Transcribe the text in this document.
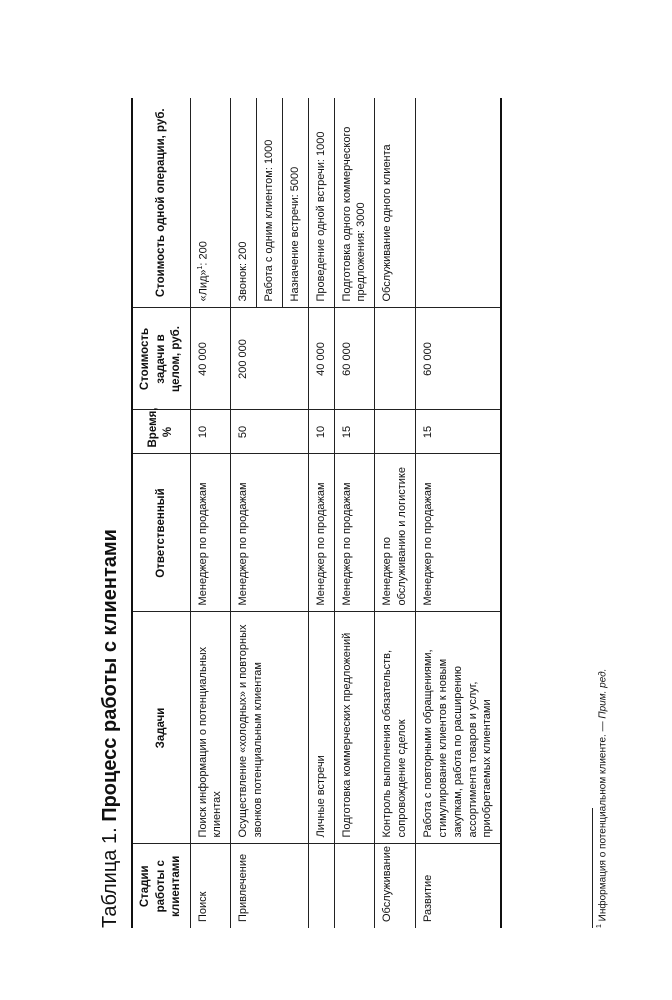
Таблица 1. Процесс работы с клиентами
Стадии работы с клиентами	Задачи	Ответственный	Время, %	Стоимость задачи в целом, руб.	Стоимость одной операции, руб.
Поиск	Поиск информации о потенциальных клиентах	Менеджер по продажам	10	40 000	«Лид»$^1$: 200
Привлечение	Осуществление «холодных» и повторных звонков потенциальным клиентам	Менеджер по продажам	50	200 000	Звонок: 200
					Работа с одним клиентом: 1000
					Назначение встречи: 5000
	Личные встречи	Менеджер по продажам	10	40 000	Проведение одной встречи: 1000
	Подготовка коммерческих предложений	Менеджер по продажам	15	60 000	Подготовка одного коммерческого предложения: 3000
Обслуживание	Контроль выполнения обязательств, сопровождение сделок	Менеджер по обслуживанию и логистике			Обслуживание одного клиента
Развитие	Работа с повторными обращениями, стимулирование клиентов к новым закупкам, работа по расширению ассортимента товаров и услуг, приобретаемых клиентами	Менеджер по продажам	15	60 000	
$^1$ Информация о потенциальном клиенте. — Прим. ред.
